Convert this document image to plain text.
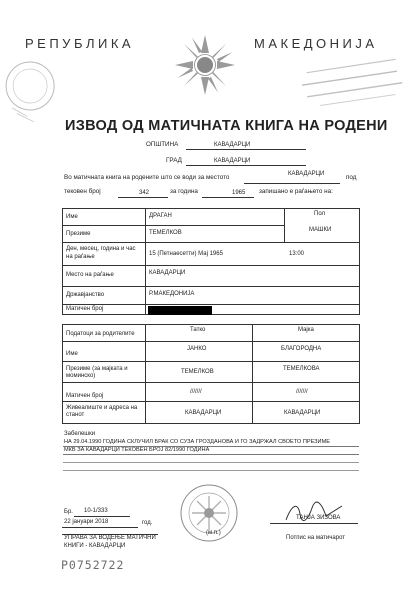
РЕПУБЛИКА	МАКЕДОНИЈА
ИЗВОД ОД МАТИЧНАТА КНИГА НА РОДЕНИ
ОПШТИНА	КАВАДАРЦИ
ГРАД	КАВАДАРЦИ
Во матичната книга на родените што се води за местото	КАВАДАРЦИ	под
тековен број	342	за година	1965 запишано е раѓањето на:
Име	ДРАГАН	Пол
МАШКИ
Презиме	ТЕМЕЛКОВ
Ден, месец, година и час
на раѓање	15 (Петнаесетти) Мај 1965	13:00
Место на раѓање	КАВАДАРЦИ
Државјанство	Р.МАКЕДОНИЈА
Матичен број
Податоци за родителите
Татко	Мајка
Име
ЈАНКО	БЛАГОРОДНА
Презиме (за мајката и
моминско)
ТЕМЕЛКОВ	ТЕМЕЛКОВА
Матичен број
///////	///////
Живеалиште и адреса на
станот	КАВАДАРЦИ	КАВАДАРЦИ
Забелешки
НА 29.04.1990 ГОДИНА СКЛУЧИЛ БРАК СО СУЗА ГРОЗДАНОВА И ГО ЗАДРЖАЛ СВОЕТО ПРЕЗИМЕ
МКВ ЗА КАВАДАРЦИ ТЕКОВЕН БРОЈ 82/1990 ГОДИНА
Бр. 10-1/333
22 јануари 2018	год.
УПРАВА ЗА ВОДЕЊЕ МАТИЧНИ
КНИГИ - КАВАДАРЦИ
(м.п.)
ТАНЈА ЗИЗОВА
Потпис на матичарот
Р0752722
